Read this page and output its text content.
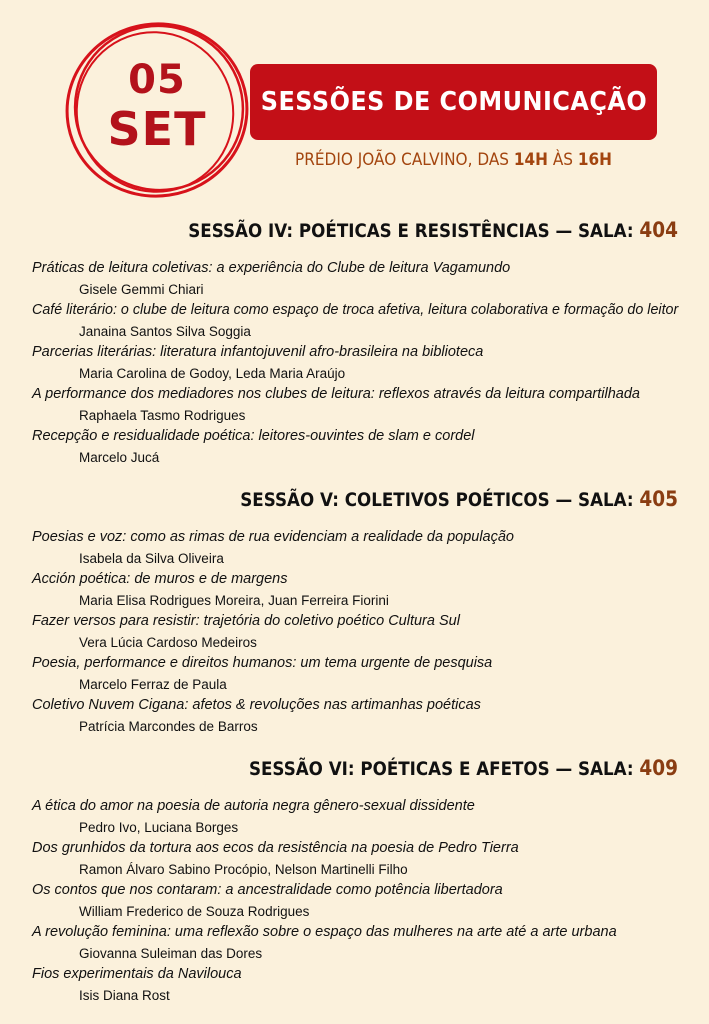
05
SET	SESSÕES DE COMUNICAÇÃO
PRÉDIO JOÃO CALVINO, DAS 14H ÀS 16H
SESSÃO IV: POÉTICAS E RESISTÊNCIAS — SALA: 404
Práticas de leitura coletivas: a experiência do Clube de leitura Vagamundo
Gisele Gemmi Chiari
Café literário: o clube de leitura como espaço de troca afetiva, leitura colaborativa e formação do leitor
Janaina Santos Silva Soggia
Parcerias literárias: literatura infantojuvenil afro-brasileira na biblioteca
Maria Carolina de Godoy, Leda Maria Araújo
A performance dos mediadores nos clubes de leitura: reflexos através da leitura compartilhada
Raphaela Tasmo Rodrigues
Recepção e residualidade poética: leitores-ouvintes de slam e cordel
Marcelo Jucá
SESSÃO V: COLETIVOS POÉTICOS — SALA: 405
Poesias e voz: como as rimas de rua evidenciam a realidade da população
Isabela da Silva Oliveira
Acción poética: de muros e de margens
Maria Elisa Rodrigues Moreira, Juan Ferreira Fiorini
Fazer versos para resistir: trajetória do coletivo poético Cultura Sul
Vera Lúcia Cardoso Medeiros
Poesia, performance e direitos humanos: um tema urgente de pesquisa
Marcelo Ferraz de Paula
Coletivo Nuvem Cigana: afetos & revoluções nas artimanhas poéticas
Patrícia Marcondes de Barros
SESSÃO VI: POÉTICAS E AFETOS — SALA: 409
A ética do amor na poesia de autoria negra gênero-sexual dissidente
Pedro Ivo, Luciana Borges
Dos grunhidos da tortura aos ecos da resistência na poesia de Pedro Tierra
Ramon Álvaro Sabino Procópio, Nelson Martinelli Filho
Os contos que nos contaram: a ancestralidade como potência libertadora
William Frederico de Souza Rodrigues
A revolução feminina: uma reflexão sobre o espaço das mulheres na arte até a arte urbana
Giovanna Suleiman das Dores
Fios experimentais da Navilouca
Isis Diana Rost
